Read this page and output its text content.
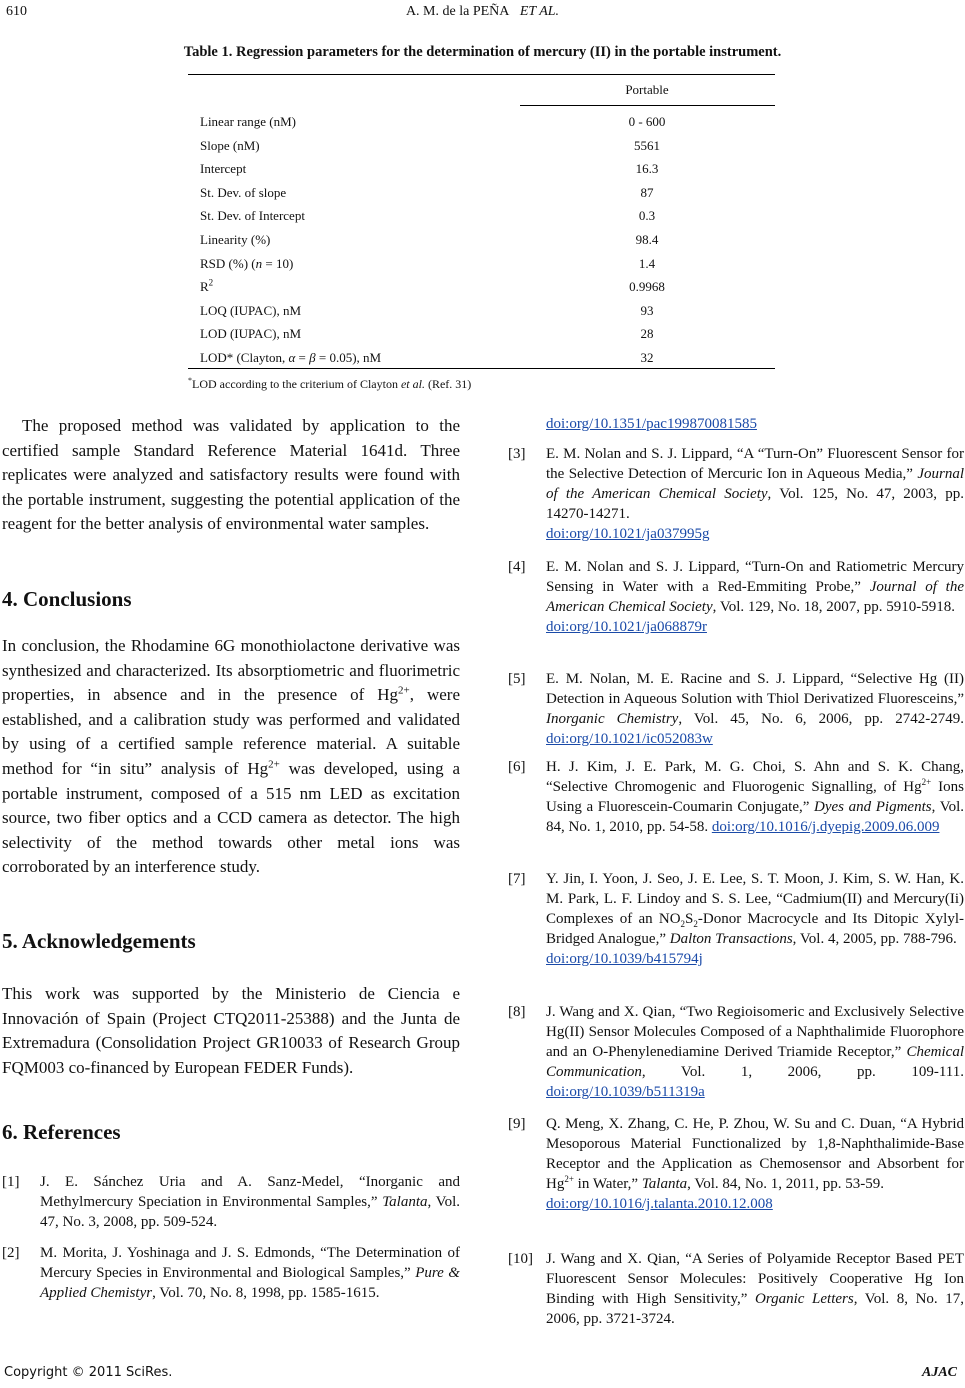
610	A. M. de la PEÑA ET AL.
Table 1. Regression parameters for the determination of mercury (II) in the portable instrument.
Portable
Linear range (nM)	0 - 600
Slope (nM)	5561
Intercept	16.3
St. Dev. of slope	87
St. Dev. of Intercept	0.3
Linearity (%)	98.4
RSD (%) (n = 10)	1.4
$R^2$	0.9968
LOQ (IUPAC), nM	93
LOD (IUPAC), nM	28
LOD* (Clayton, α = β = 0.05), nM	32
*LOD according to the criterium of Clayton et al. (Ref. 31)

The proposed method was validated by application to the certified sample Standard Reference Material 1641d. Three replicates were analyzed and satisfactory results were found with the portable instrument, suggesting the potential application of the reagent for the better analysis of environmental water samples.

4. Conclusions

In conclusion, the Rhodamine 6G monothiolactone derivative was synthesized and characterized. Its absorptiometric and fluorimetric properties, in absence and in the presence of $Hg^{2+}$, were established, and a calibration study was performed and validated by using of a certified sample reference material. A suitable method for “in situ” analysis of $Hg^{2+}$ was developed, using a portable instrument, composed of a 515 nm LED as excitation source, two fiber optics and a CCD camera as detector. The high selectivity of the method towards other metal ions was corroborated by an interference study.

5. Acknowledgements

This work was supported by the Ministerio de Ciencia e Innovación of Spain (Project CTQ2011-25388) and the Junta de Extremadura (Consolidation Project GR10033 of Research Group FQM003 co-financed by European FEDER Funds).

6. References
[1] J. E. Sánchez Uria and A. Sanz-Medel, “Inorganic and Methylmercury Speciation in Environmental Samples,” Talanta, Vol. 47, No. 3, 2008, pp. 509-524.
[2] M. Morita, J. Yoshinaga and J. S. Edmonds, “The Determination of Mercury Species in Environmental and Biological Samples,” Pure & Applied Chemistyr, Vol. 70, No. 8, 1998, pp. 1585-1615.
doi:org/10.1351/pac199870081585
[3] E. M. Nolan and S. J. Lippard, “A “Turn-On” Fluorescent Sensor for the Selective Detection of Mercuric Ion in Aqueous Media,” Journal of the American Chemical Society, Vol. 125, No. 47, 2003, pp. 14270-14271.
doi:org/10.1021/ja037995g
[4] E. M. Nolan and S. J. Lippard, “Turn-On and Ratiometric Mercury Sensing in Water with a Red-Emmiting Probe,” Journal of the American Chemical Society, Vol. 129, No. 18, 2007, pp. 5910-5918.
doi:org/10.1021/ja068879r
[5] E. M. Nolan, M. E. Racine and S. J. Lippard, “Selective Hg (II) Detection in Aqueous Solution with Thiol Derivatized Fluoresceins,” Inorganic Chemistry, Vol. 45, No. 6, 2006, pp. 2742-2749. doi:org/10.1021/ic052083w
[6] H. J. Kim, J. E. Park, M. G. Choi, S. Ahn and S. K. Chang, “Selective Chromogenic and Fluorogenic Signalling, of $Hg^{2+}$ Ions Using a Fluorescein-Coumarin Conjugate,” Dyes and Pigments, Vol. 84, No. 1, 2010, pp. 54-58. doi:org/10.1016/j.dyepig.2009.06.009
[7] Y. Jin, I. Yoon, J. Seo, J. E. Lee, S. T. Moon, J. Kim, S. W. Han, K. M. Park, L. F. Lindoy and S. S. Lee, “Cadmium(II) and Mercury(Ii) Complexes of an $NO_2S_2$-Donor Macrocycle and Its Ditopic Xylyl-Bridged Analogue,” Dalton Transactions, Vol. 4, 2005, pp. 788-796.
doi:org/10.1039/b415794j
[8] J. Wang and X. Qian, “Two Regioisomeric and Exclusively Selective Hg(II) Sensor Molecules Composed of a Naphthalimide Fluorophore and an O-Phenylenediamine Derived Triamide Receptor,” Chemical Communication, Vol. 1, 2006, pp. 109-111. doi:org/10.1039/b511319a
[9] Q. Meng, X. Zhang, C. He, P. Zhou, W. Su and C. Duan, “A Hybrid Mesoporous Material Functionalized by 1,8-Naphthalimide-Base Receptor and the Application as Chemosensor and Absorbent for $Hg^{2+}$ in Water,” Talanta, Vol. 84, No. 1, 2011, pp. 53-59.
doi:org/10.1016/j.talanta.2010.12.008
[10] J. Wang and X. Qian, “A Series of Polyamide Receptor Based PET Fluorescent Sensor Molecules: Positively Cooperative Hg Ion Binding with High Sensitivity,” Organic Letters, Vol. 8, No. 17, 2006, pp. 3721-3724.
Copyright © 2011 SciRes.	AJAC
